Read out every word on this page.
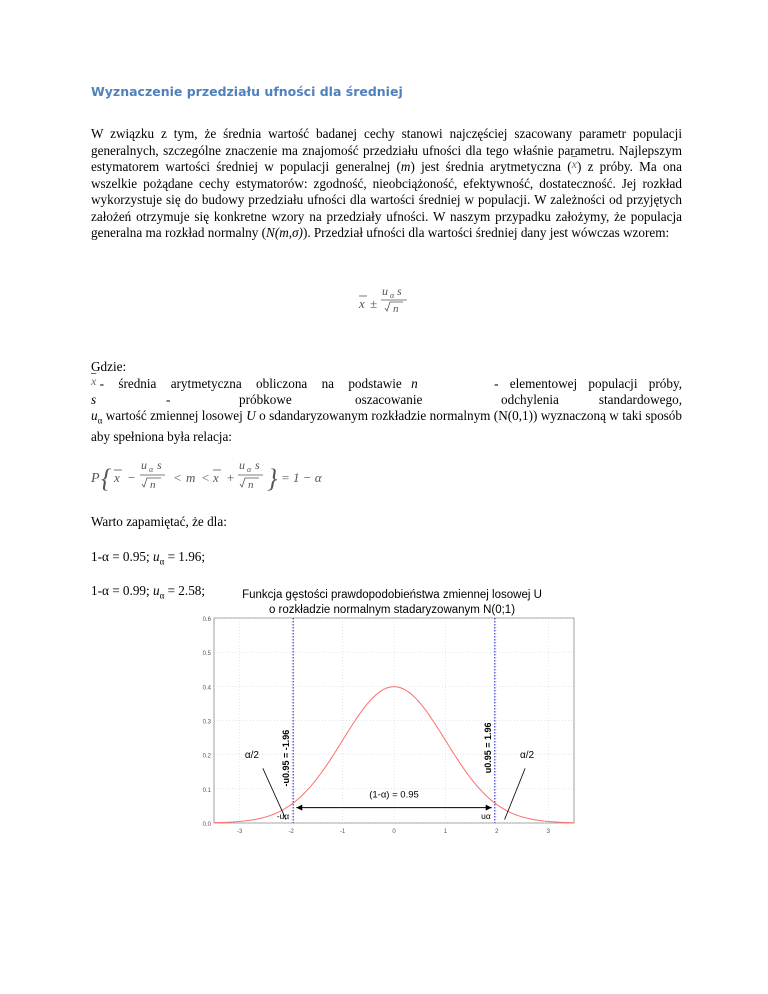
Wyznaczenie przedziału ufności dla średniej

W związku z tym, że średnia wartość badanej cechy stanowi najczęściej szacowany parametr populacji generalnych, szczególne znaczenie ma znajomość przedziału ufności dla tego właśnie parametru. Najlepszym estymatorem wartości średniej w populacji generalnej (m) jest średnia arytmetyczna $(\overline{x})$ z próby. Ma ona wszelkie pożądane cechy estymatorów: zgodność, nieobciążoność, efektywność, dostateczność. Jej rozkład wykorzystuje się do budowy przedziału ufności dla wartości średniej w populacji. W zależności od przyjętych założeń otrzymuje się konkretne wzory na przedziały ufności. W naszym przypadku założymy, że populacja generalna ma rozkład normalny (N(m,σ)). Przedział ufności dla wartości średniej dany jest wówczas wzorem:

x ±
u α s
n
Gdzie:
$\overline{x}$ - średnia arytmetyczna obliczona na podstawie n	- elementowej populacji próby,
s	-	próbkowe	oszacowanie	odchylenia	standardowego,

$u_\alpha$ wartość zmiennej losowej U o sdandaryzowanym rozkładzie normalnym (N(0,1)) wyznaczoną w taki sposób aby spełniona była relacja:

P { x −
u α s
n < m < x +
u α s
n } = 1 − α
Warto zapamiętać, że dla:
1-α = 0.95; $u_\alpha = 1.96$;
1-α = 0.99; $u_\alpha = 2.58$;	Funkcja gęstości prawdopodobieństwa zmiennej losowej U
o rozkładzie normalnym stadaryzowanym N(0;1)
0.0
0.1
0.2
0.3
0.4
0.5
0.6
-3	-2	-1	0	1	2	3
-u0.95 = -1.96	u0.95 = 1.96
α/2	α/2
(1-α) = 0.95
-uα	uα
